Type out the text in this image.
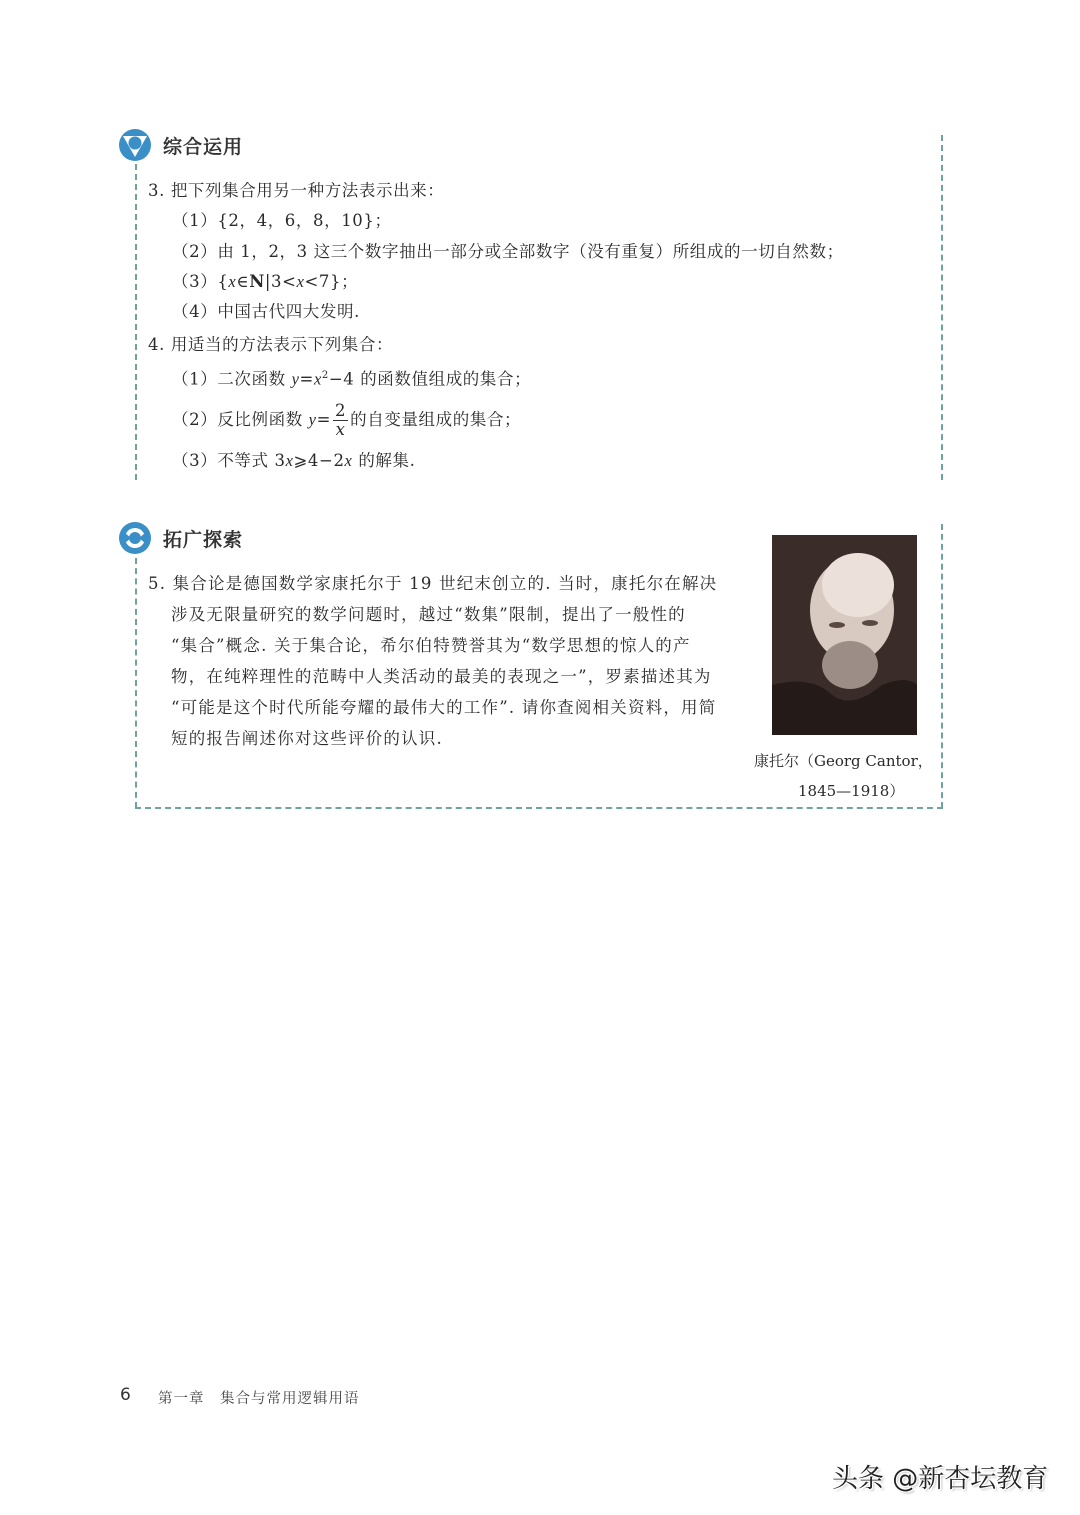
综合运用
3. 把下列集合用另一种方法表示出来：
（1）{2，4，6，8，10}；
（2）由 1，2，3 这三个数字抽出一部分或全部数字（没有重复）所组成的一切自然数；
（3）{x∈N|3<x<7}；
（4）中国古代四大发明.
4. 用适当的方法表示下列集合：
（1）二次函数 $y=x^2-4$ 的函数值组成的集合；
（2）反比例函数 $y= \frac{2}{x}$ 的自变量组成的集合；
（3）不等式 3x⩾4−2x 的解集.
拓广探索
5. 集合论是德国数学家康托尔于 19 世纪末创立的. 当时，康托尔在解决
涉及无限量研究的数学问题时，越过“数集”限制，提出了一般性的
“集合”概念. 关于集合论，希尔伯特赞誉其为“数学思想的惊人的产
物，在纯粹理性的范畴中人类活动的最美的表现之一”，罗素描述其为
“可能是这个时代所能夸耀的最伟大的工作”. 请你查阅相关资料，用简
短的报告阐述你对这些评价的认识.
康托尔（Georg Cantor，
1845—1918）
6 第一章　集合与常用逻辑用语
头条 @新杏坛教育
